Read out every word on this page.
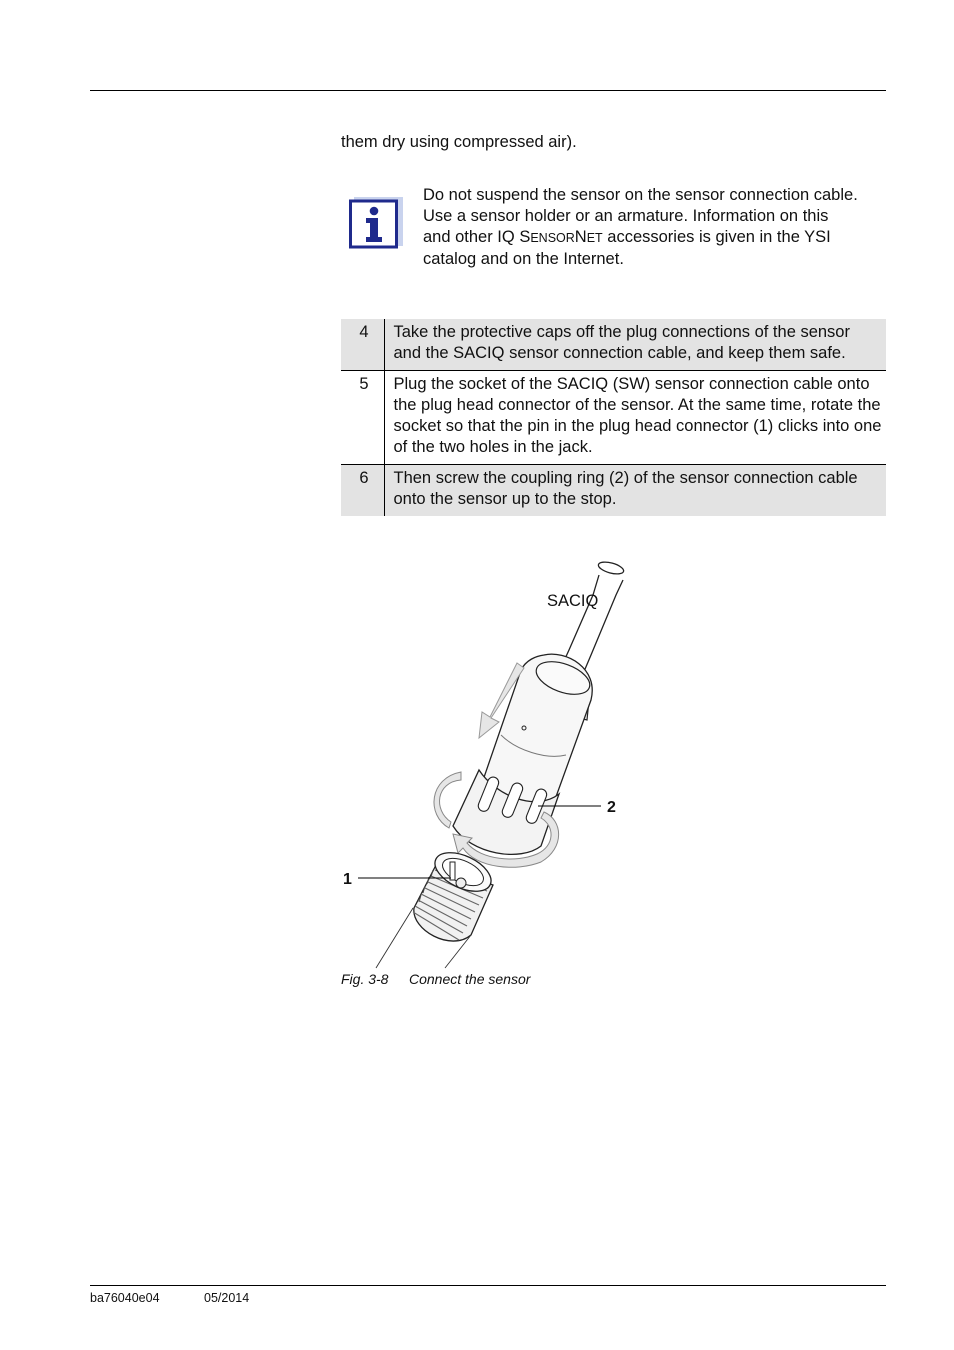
them dry using compressed air).
Do not suspend the sensor on the sensor connection cable.
Use a sensor holder or an armature. Information on this
and other IQ SENSORNET accessories is given in the YSI
catalog and on the Internet.
4	Take the protective caps off the plug connections of the sensor and the SACIQ sensor connection cable, and keep them safe.
5	Plug the socket of the SACIQ (SW) sensor connection cable onto the plug head connector of the sensor. At the same time, rotate the socket so that the pin in the plug head connector (1) clicks into one of the two holes in the jack.
6	Then screw the coupling ring (2) of the sensor connection cable onto the sensor up to the stop.
SACIQ
2
1
Fig. 3-8 Connect the sensor
ba76040e04	05/2014
